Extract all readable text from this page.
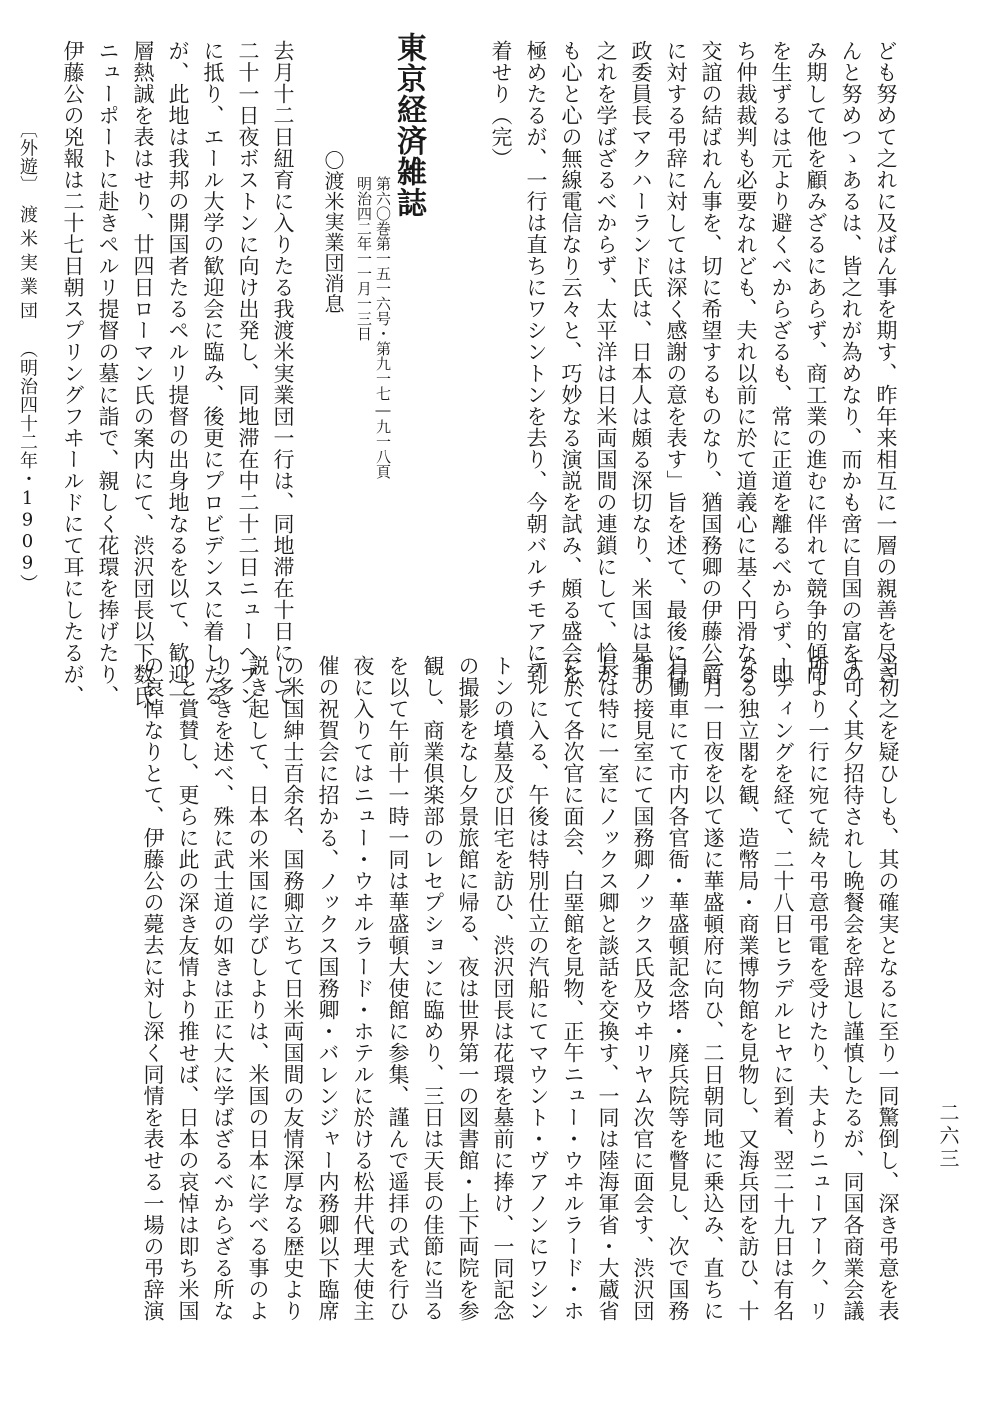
ども努めて之れに及ばん事を期す、昨年来相互に一層の親善を尽さ
んと努めつゝあるは、皆之れが為めなり、而かも啻に自国の富をの
み期して他を顧みざるにあらず、商工業の進むに伴れて競争的傾向
を生ずるは元より避くべからざるも、常に正道を離るべからず、即
ち仲裁裁判も必要なれども、夫れ以前に於て道義心に基く円滑なる
交誼の結ばれん事を、切に希望するものなり、猶国務卿の伊藤公爵
に対する弔辞に対しては深く感謝の意を表す」旨を述て、最後に行
政委員長マクハーランド氏は、日本人は頗る深切なり、米国は是非
之れを学ばざるべからず、太平洋は日米両国間の連鎖にして、恰か
も心と心の無線電信なり云々と、巧妙なる演説を試み、頗る盛会を
極めたるが、一行は直ちにワシントンを去り、今朝バルチモアに到
着せり（完）
東京経済雑誌
第六〇巻第一五一六号・第九一七―九一八頁
明治四二年一一月一三日
〇渡米実業団消息
去月十二日紐育に入りたる我渡米実業団一行は、同地滞在十日にして
二十一日夜ボストンに向け出発し、同地滞在中二十二日ニューヘブン
に抵り、エール大学の歓迎会に臨み、後更にプロビデンスに着したる
が、此地は我邦の開国者たるペルリ提督の出身地なるを以て、歓迎一
層熱誠を表はせり、廿四日ローマン氏の案内にて、渋沢団長以下数氏
ニューポートに赴きペルリ提督の墓に詣で、親しく花環を捧げたり、
伊藤公の兇報は二十七日朝スプリングフヰールドにて耳にしたるが、
当初之を疑ひしも、其の確実となるに至り一同驚倒し、深き弔意を表
す可く其夕招待されし晩餐会を辞退し謹慎したるが、同国各商業会議
所より一行に宛て続々弔意弔電を受けたり、夫よりニューアーク、リ
ーディングを経て、二十八日ヒラデルヒヤに到着、翌二十九日は有名
なる独立閣を観、造幣局・商業博物館を見物し、又海兵団を訪ひ、十
一月一日夜を以て遂に華盛頓府に向ひ、二日朝同地に乗込み、直ちに
自働車にて市内各官衙・華盛頓記念塔・廃兵院等を瞥見し、次で国務
省の接見室にて国務卿ノックス氏及ウヰリヤム次官に面会す、渋沢団
長は特に一室にノックス卿と談話を交換す、一同は陸海軍省・大蔵省
に於て各次官に面会、白堊館を見物、正午ニュー・ウヰルラード・ホ
テルに入る、午後は特別仕立の汽船にてマウント・ヴアノンにワシン
トンの墳墓及び旧宅を訪ひ、渋沢団長は花環を墓前に捧け、一同記念
の撮影をなし夕景旅館に帰る、夜は世界第一の図書館・上下両院を参
観し、商業倶楽部のレセプションに臨めり、三日は天長の佳節に当る
を以て午前十一時一同は華盛頓大使館に参集、謹んで遥拝の式を行ひ
夜に入りてはニュー・ウヰルラード・ホテルに於ける松井代理大使主
催の祝賀会に招かる、ノックス国務卿・バレンジャー内務卿以下臨席
の米国紳士百余名、国務卿立ちて日米両国間の友情深厚なる歴史より
説き起して、日本の米国に学びしよりは、米国の日本に学べる事のよ
り多きを述べ、殊に武士道の如きは正に大に学ばざるべからざる所な
りと賞賛し、更らに此の深き友情より推せば、日本の哀悼は即ち米国
の哀悼なりとて、伊藤公の薨去に対し深く同情を表せる一場の弔辞演
〔外遊〕
渡米実業団
（明治四十二年・1909）
二六三
